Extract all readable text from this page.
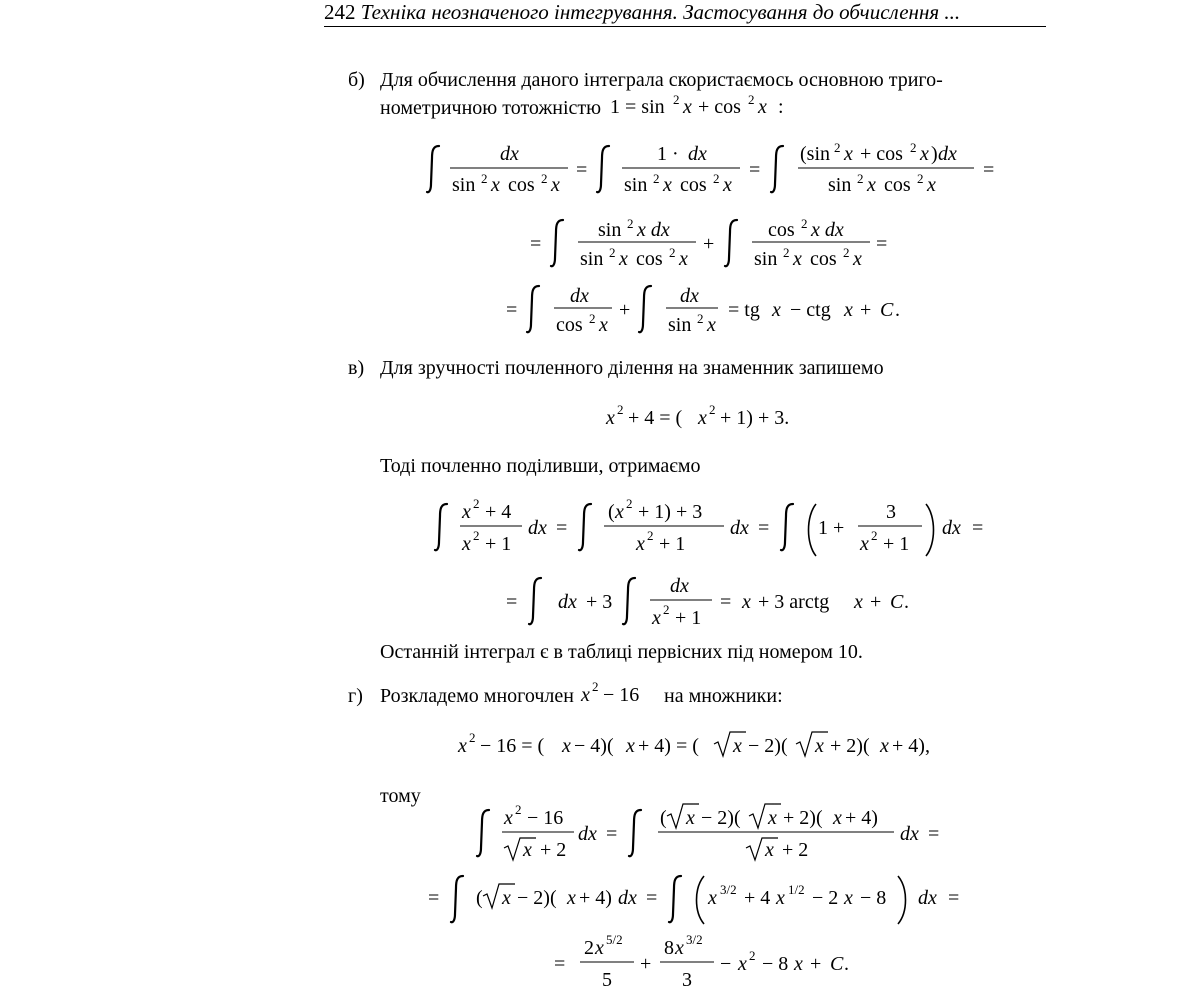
242 Техніка неозначеного інтегрування. Застосування до обчислення ...
б) Для обчислення даного інтеграла скористаємось основною триго-
нометричною тотожністю 1 = sin 2 x + cos 2 x :
dx
sin 2 x cos 2 x
=
1 · dx
sin 2 x cos 2 x
=
(sin 2 x + cos 2 x ) dx
sin 2 x cos 2 x
=
=
sin 2 x dx
sin 2 x cos 2 x
+
cos 2 x dx
sin 2 x cos 2 x
=
=
dx
cos 2 x
+
dx
sin 2 x
= tg x − ctg x + C .
в) Для зручності почленного ділення на знаменник запишемо
x 2 + 4 = ( x 2 + 1) + 3.
Тоді почленно поділивши, отримаємо
x 2 + 4
x 2 + 1
dx =
( x 2 + 1) + 3
x 2 + 1
dx = 1 +
3
x 2 + 1
dx =
= dx + 3
dx
x 2 + 1
= x + 3 arctg x + C .
Останній інтеграл є в таблиці первісних під номером 10.
г) Розкладемо многочлен x 2 − 16 на множники:
x 2 − 16 = ( x − 4)( x + 4) = ( x − 2)( x + 2)( x + 4),
тому
x 2 − 16
x + 2
dx =
( x − 2)( x + 2)( x + 4)
x + 2
dx =
= ( x − 2)( x + 4) dx =	x 3/2 + 4 x 1/2 − 2 x − 8 dx =
=
2 x 5/2
5
+
8 x 3/2
3
− x 2 − 8 x + C .
